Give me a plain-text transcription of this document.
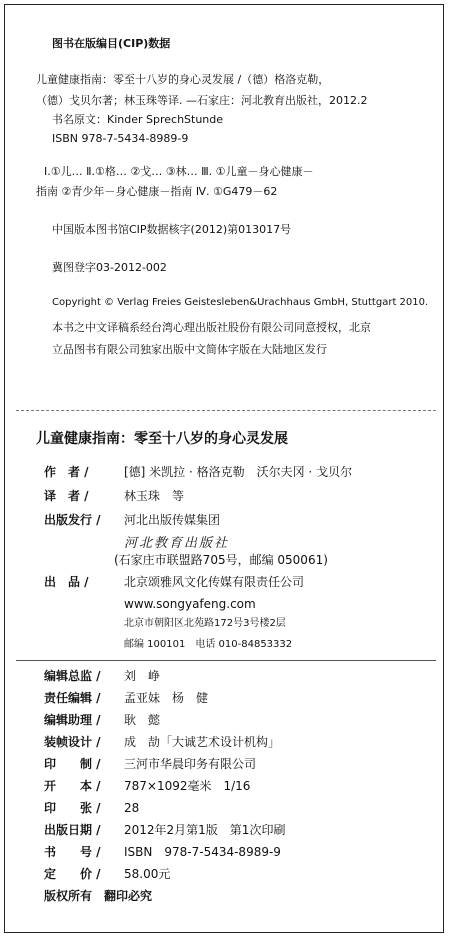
图书在版编目(CIP)数据
儿童健康指南：零至十八岁的身心灵发展 /（德）格洛克勒，
（德）戈贝尔著；林玉珠等译. —石家庄：河北教育出版社，2012.2
书名原文：Kinder SprechStunde
ISBN 978-7-5434-8989-9
Ⅰ.①儿… Ⅱ.①格… ②戈… ③林… Ⅲ. ①儿童－身心健康－
指南 ②青少年－身心健康－指南 Ⅳ. ①G479－62
中国版本图书馆CIP数据核字(2012)第013017号
冀图登字03-2012-002
Copyright © Verlag Freies Geistesleben&Urachhaus GmbH, Stuttgart 2010.
本书之中文译稿系经台湾心理出版社股份有限公司同意授权，北京
立品图书有限公司独家出版中文简体字版在大陆地区发行
儿童健康指南：零至十八岁的身心灵发展
作　者 /	[德] 米凯拉 · 格洛克勒　沃尔夫冈 · 戈贝尔
译　者 /	林玉珠　等
出版发行 / 河北出版传媒集团
河北教育出版社
(石家庄市联盟路705号，邮编 050061)
出　品 /	北京颂雅风文化传媒有限责任公司
www.songyafeng.com
北京市朝阳区北苑路172号3号楼2层
邮编 100101　电话 010-84853332
编辑总监 / 刘　峥
责任编辑 / 孟亚妹　杨　健
编辑助理 / 耿　懿
装帧设计 / 成　劼「大诚艺术设计机构」
印　　制 / 三河市华晨印务有限公司
开　　本 / 787×1092毫米　1/16
印　　张 / 28
出版日期 / 2012年2月第1版　第1次印刷
书　　号 / ISBN　978-7-5434-8989-9
定　　价 / 58.00元
版权所有　翻印必究
